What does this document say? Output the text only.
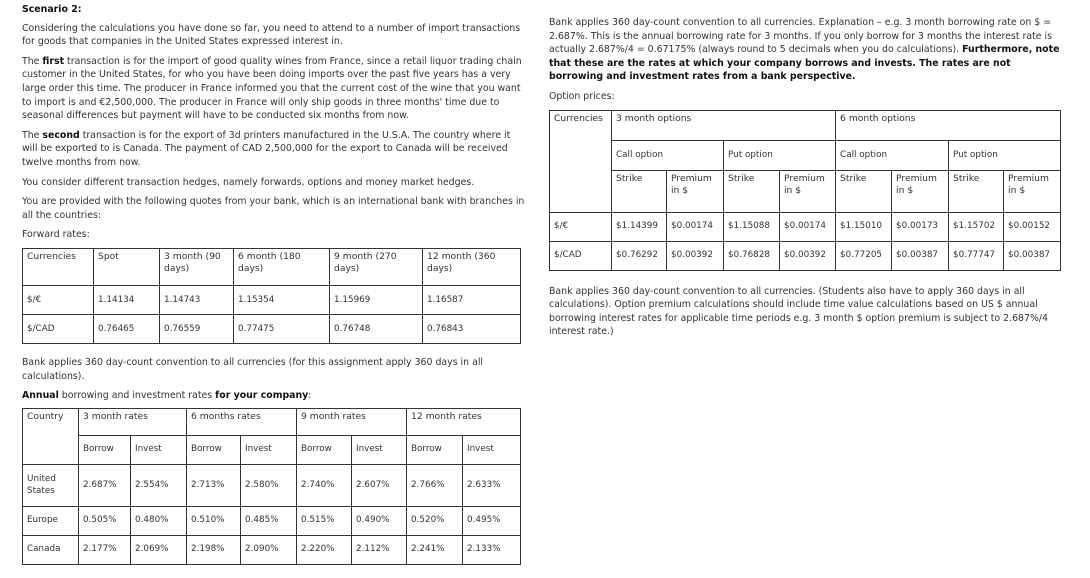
Scenario 2:

Considering the calculations you have done so far, you need to attend to a number of import transactions for goods that companies in the United States expressed interest in.

The first transaction is for the import of good quality wines from France, since a retail liquor trading chain customer in the United States, for who you have been doing imports over the past five years has a very large order this time. The producer in France informed you that the current cost of the wine that you want to import is and €2,500,000. The producer in France will only ship goods in three months' time due to seasonal differences but payment will have to be conducted six months from now.

The second transaction is for the export of 3d printers manufactured in the U.S.A. The country where it will be exported to is Canada. The payment of CAD 2,500,000 for the export to Canada will be received twelve months from now.

You consider different transaction hedges, namely forwards, options and money market hedges.

You are provided with the following quotes from your bank, which is an international bank with branches in all the countries:

Forward rates:

Currencies	Spot	3 month (90 days)	6 month (180 days)	9 month (270 days)	12 month (360 days)
$/€	1.14134	1.14743	1.15354	1.15969	1.16587
$/CAD	0.76465	0.76559	0.77475	0.76748	0.76843

Bank applies 360 day-count convention to all currencies (for this assignment apply 360 days in all calculations).

Annual borrowing and investment rates for your company:

Country	3 month rates		6 months rates		9 month rates		12 month rates	
	Borrow	Invest	Borrow	Invest	Borrow	Invest	Borrow	Invest
United States	2.687%	2.554%	2.713%	2.580%	2.740%	2.607%	2.766%	2.633%
Europe	0.505%	0.480%	0.510%	0.485%	0.515%	0.490%	0.520%	0.495%
Canada	2.177%	2.069%	2.198%	2.090%	2.220%	2.112%	2.241%	2.133%

Bank applies 360 day-count convention to all currencies. Explanation – e.g. 3 month borrowing rate on $ = 2.687%. This is the annual borrowing rate for 3 months. If you only borrow for 3 months the interest rate is actually 2.687%/4 = 0.67175% (always round to 5 decimals when you do calculations). Furthermore, note that these are the rates at which your company borrows and invests. The rates are not borrowing and investment rates from a bank perspective.

Option prices:

Currencies	3 month options				6 month options			
	Call option		Put option		Call option		Put option	
	Strike	Premium in $	Strike	Premium in $	Strike	Premium in $	Strike	Premium in $
$/€	$1.14399	$0.00174	$1.15088	$0.00174	$1.15010	$0.00173	$1.15702	$0.00152
$/CAD	$0.76292	$0.00392	$0.76828	$0.00392	$0.77205	$0.00387	$0.77747	$0.00387

Bank applies 360 day-count convention to all currencies. (Students also have to apply 360 days in all calculations). Option premium calculations should include time value calculations based on US $ annual borrowing interest rates for applicable time periods e.g. 3 month $ option premium is subject to 2.687%/4 interest rate.)
